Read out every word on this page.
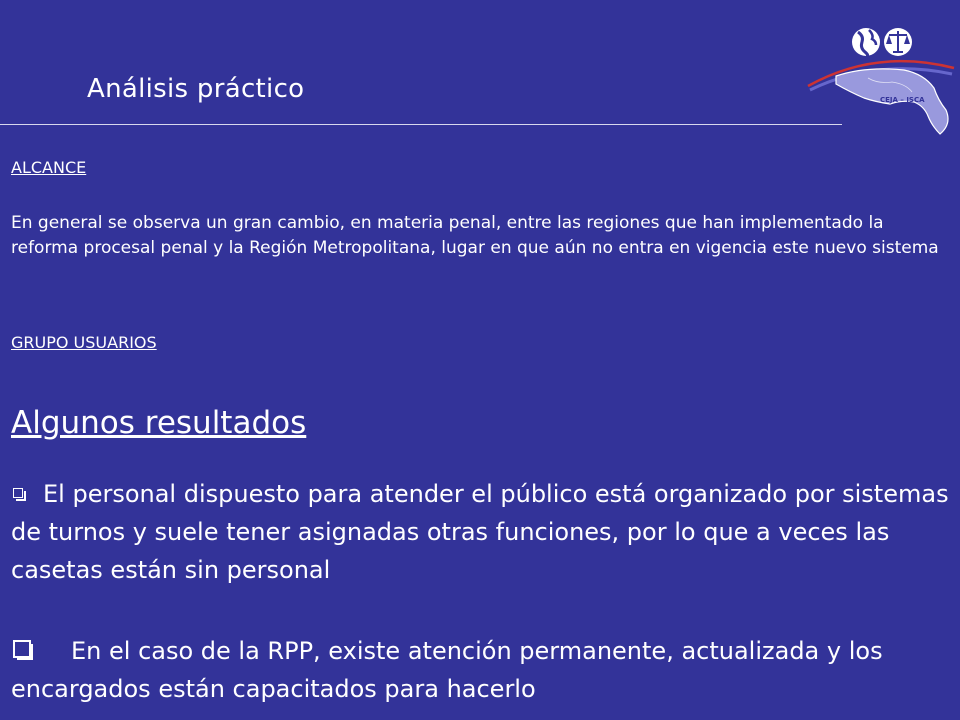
Análisis práctico	CEJA – JSCA
ALCANCE
En general se observa un gran cambio, en materia penal, entre las regiones que han implementado la reforma procesal penal y la Región Metropolitana, lugar en que aún no entra en vigencia este nuevo sistema
GRUPO USUARIOS
Algunos resultados
El personal dispuesto para atender el público está organizado por sistemas de turnos y suele tener asignadas otras funciones, por lo que a veces las casetas están sin personal
En el caso de la RPP, existe atención permanente, actualizada y los encargados están capacitados para hacerlo
